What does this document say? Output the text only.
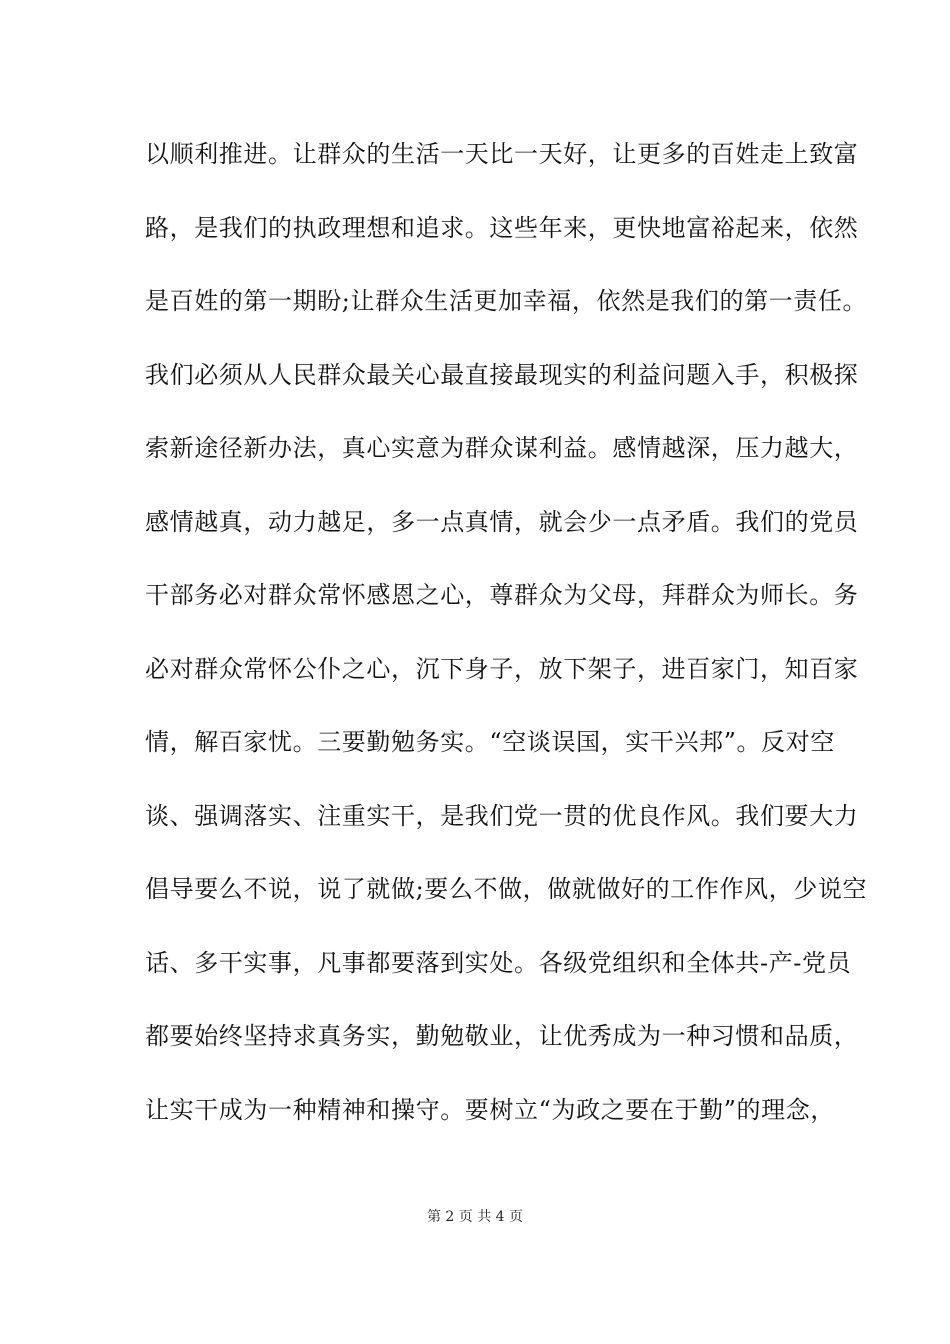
以顺利推进。让群众的生活一天比一天好，让更多的百姓走上致富
路，是我们的执政理想和追求。这些年来，更快地富裕起来，依然
是百姓的第一期盼;让群众生活更加幸福，依然是我们的第一责任。
我们必须从人民群众最关心最直接最现实的利益问题入手，积极探
索新途径新办法，真心实意为群众谋利益。感情越深，压力越大，
感情越真，动力越足，多一点真情，就会少一点矛盾。我们的党员
干部务必对群众常怀感恩之心，尊群众为父母，拜群众为师长。务
必对群众常怀公仆之心，沉下身子，放下架子，进百家门，知百家
情，解百家忧。三要勤勉务实。“空谈误国，实干兴邦”。反对空
谈、强调落实、注重实干，是我们党一贯的优良作风。我们要大力
倡导要么不说，说了就做;要么不做，做就做好的工作作风，少说空
话、多干实事，凡事都要落到实处。各级党组织和全体共-产-党员
都要始终坚持求真务实，勤勉敬业，让优秀成为一种习惯和品质，
让实干成为一种精神和操守。要树立“为政之要在于勤”的理念，
第 2 页 共 4 页
